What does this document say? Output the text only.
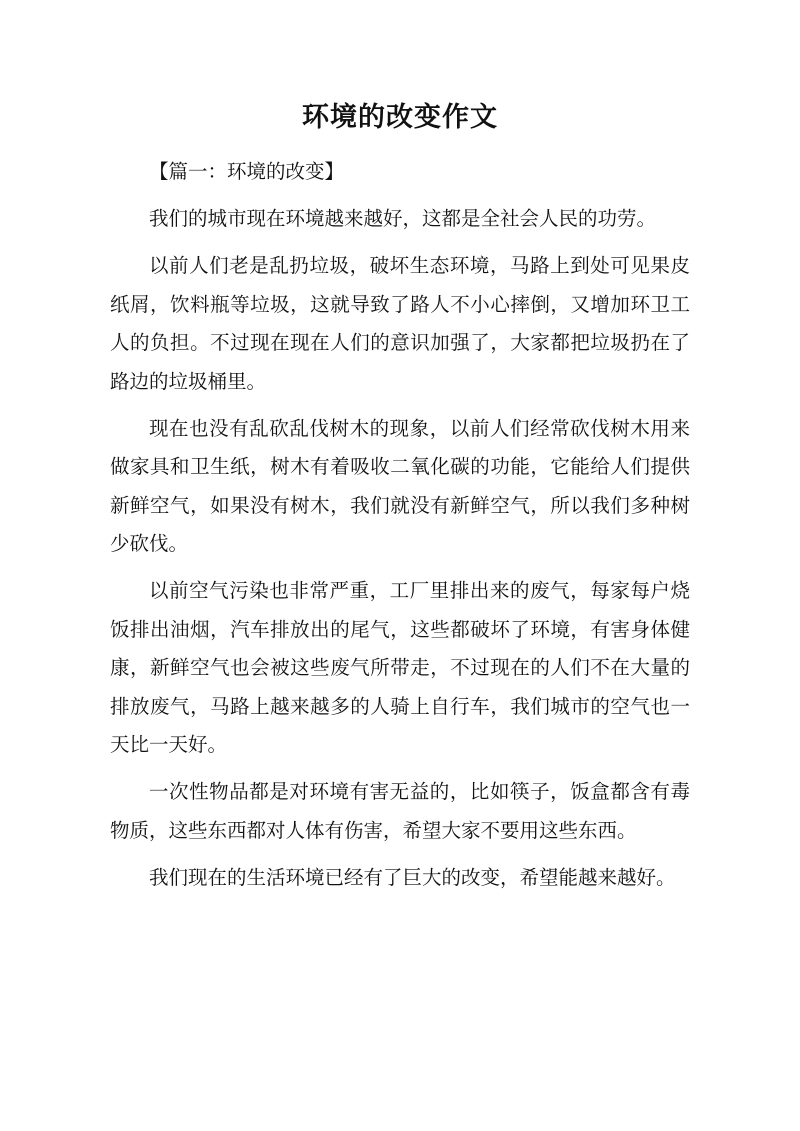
环境的改变作文

【篇一：环境的改变】

我们的城市现在环境越来越好，这都是全社会人民的功劳。

以前人们老是乱扔垃圾，破坏生态环境，马路上到处可见果皮纸屑，饮料瓶等垃圾，这就导致了路人不小心摔倒，又增加环卫工人的负担。不过现在现在人们的意识加强了，大家都把垃圾扔在了路边的垃圾桶里。

现在也没有乱砍乱伐树木的现象，以前人们经常砍伐树木用来做家具和卫生纸，树木有着吸收二氧化碳的功能，它能给人们提供新鲜空气，如果没有树木，我们就没有新鲜空气，所以我们多种树少砍伐。

以前空气污染也非常严重，工厂里排出来的废气，每家每户烧饭排出油烟，汽车排放出的尾气，这些都破坏了环境，有害身体健康，新鲜空气也会被这些废气所带走，不过现在的人们不在大量的排放废气，马路上越来越多的人骑上自行车，我们城市的空气也一天比一天好。

一次性物品都是对环境有害无益的，比如筷子，饭盒都含有毒物质，这些东西都对人体有伤害，希望大家不要用这些东西。

我们现在的生活环境已经有了巨大的改变，希望能越来越好。
